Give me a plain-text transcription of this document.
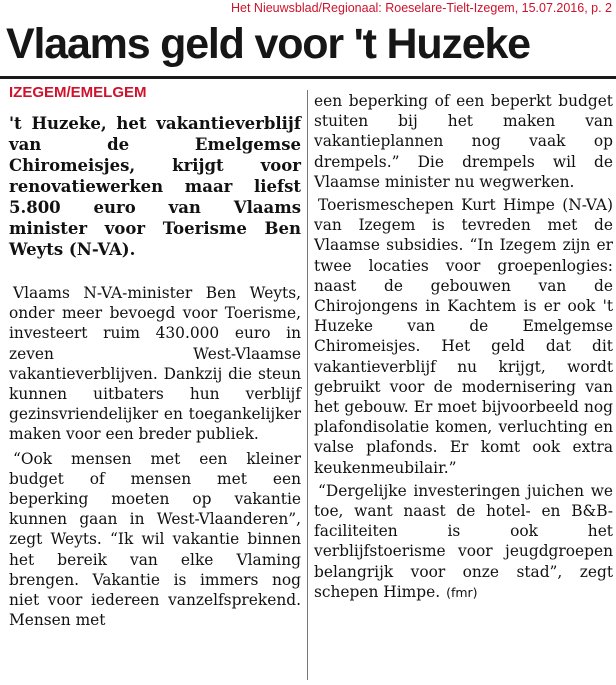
Het Nieuwsblad/Regionaal: Roeselare-Tielt-Izegem, 15.07.2016, p. 2
Vlaams geld voor 't Huzeke
IZEGEM/EMELGEM

't Huzeke, het vakantieverblijf van de Emelgemse Chiromeisjes, krijgt voor renovatiewerken maar liefst 5.800 euro van Vlaams minister voor Toerisme Ben Weyts (N-VA).

Vlaams N-VA-minister Ben Weyts, onder meer bevoegd voor Toerisme, investeert ruim 430.000 euro in zeven West-Vlaamse vakantieverblijven. Dankzij die steun kunnen uitbaters hun verblijf gezinsvriendelijker en toegankelijker maken voor een breder publiek.

“Ook mensen met een kleiner budget of mensen met een beperking moeten op vakantie kunnen gaan in West-Vlaanderen”, zegt Weyts. “Ik wil vakantie binnen het bereik van elke Vlaming brengen. Vakantie is immers nog niet voor iedereen vanzelfsprekend. Mensen met

een beperking of een beperkt budget stuiten bij het maken van vakantieplannen nog vaak op drempels.” Die drempels wil de Vlaamse minister nu wegwerken.

Toerismeschepen Kurt Himpe (N-VA) van Izegem is tevreden met de Vlaamse subsidies. “In Izegem zijn er twee locaties voor groepenlogies: naast de gebouwen van de Chirojongens in Kachtem is er ook 't Huzeke van de Emelgemse Chiromeisjes. Het geld dat dit vakantieverblijf nu krijgt, wordt gebruikt voor de modernisering van het gebouw. Er moet bijvoorbeeld nog plafondisolatie komen, verluchting en valse plafonds. Er komt ook extra keukenmeubilair.”

“Dergelijke investeringen juichen we toe, want naast de hotel- en B&B-faciliteiten is ook het verblijfstoerisme voor jeugdgroepen belangrijk voor onze stad”, zegt schepen Himpe. (fmr)
